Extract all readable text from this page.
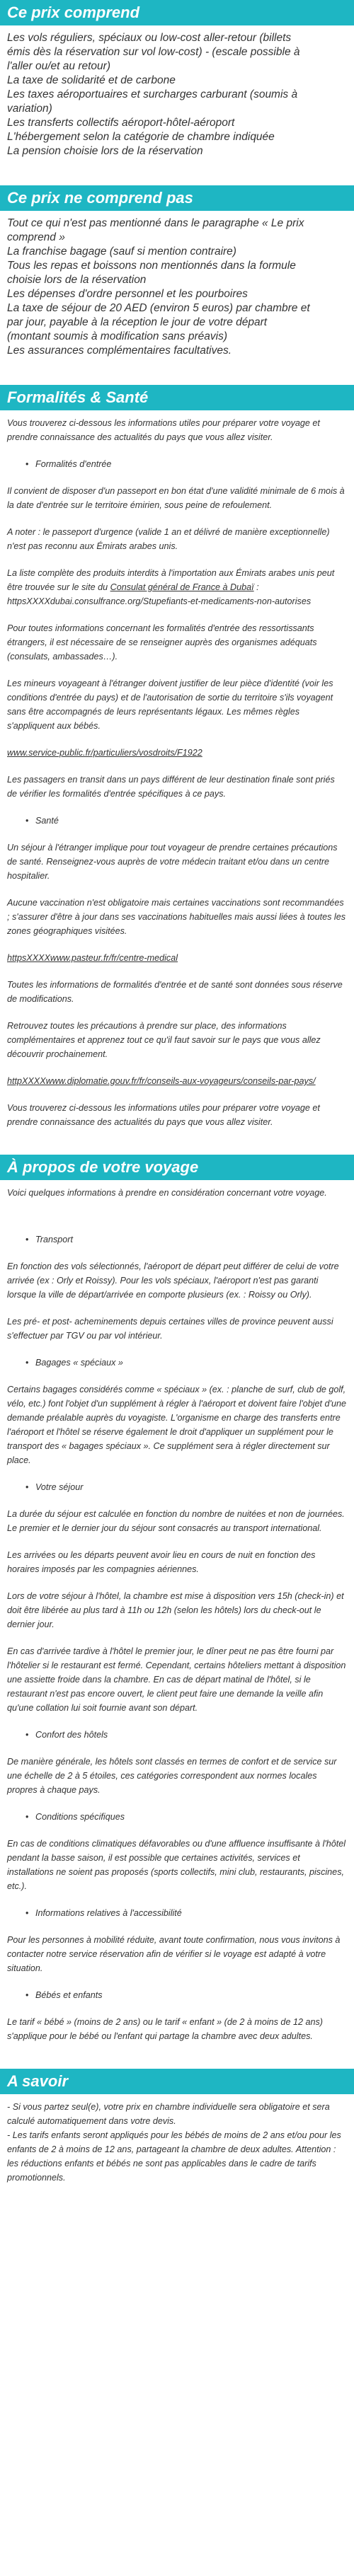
Ce prix comprend

Les vols réguliers, spéciaux ou low-cost aller-retour (billets

émis dès la réservation sur vol low-cost) - (escale possible à

l'aller ou/et au retour)

La taxe de solidarité et de carbone

Les taxes aéroportuaires et surcharges carburant (soumis à

variation)

Les transferts collectifs aéroport-hôtel-aéroport

L'hébergement selon la catégorie de chambre indiquée

La pension choisie lors de la réservation

Ce prix ne comprend pas

Tout ce qui n'est pas mentionné dans le paragraphe « Le prix

comprend »

La franchise bagage (sauf si mention contraire)

Tous les repas et boissons non mentionnés dans la formule

choisie lors de la réservation

Les dépenses d'ordre personnel et les pourboires

La taxe de séjour de 20 AED (environ 5 euros) par chambre et

par jour, payable à la réception le jour de votre départ

(montant soumis à modification sans préavis)

Les assurances complémentaires facultatives.

Formalités & Santé

Vous trouverez ci-dessous les informations utiles pour préparer votre voyage et prendre connaissance des actualités du pays que vous allez visiter.

• Formalités d'entrée

Il convient de disposer d'un passeport en bon état d'une validité minimale de 6 mois à la date d'entrée sur le territoire émirien, sous peine de refoulement.

A noter : le passeport d'urgence (valide 1 an et délivré de manière exceptionnelle) n'est pas reconnu aux Émirats arabes unis.

La liste complète des produits interdits à l'importation aux Émirats arabes unis peut être trouvée sur le site du Consulat général de France à Dubaï : httpsXXXXdubai.consulfrance.org/Stupefiants-et-medicaments-non-autorises

Pour toutes informations concernant les formalités d'entrée des ressortissants étrangers, il est nécessaire de se renseigner auprès des organismes adéquats (consulats, ambassades…).

Les mineurs voyageant à l'étranger doivent justifier de leur pièce d'identité (voir les conditions d'entrée du pays) et de l'autorisation de sortie du territoire s'ils voyagent sans être accompagnés de leurs représentants légaux. Les mêmes règles s'appliquent aux bébés.

www.service-public.fr/particuliers/vosdroits/F1922

Les passagers en transit dans un pays différent de leur destination finale sont priés de vérifier les formalités d'entrée spécifiques à ce pays.

• Santé

Un séjour à l'étranger implique pour tout voyageur de prendre certaines précautions de santé. Renseignez-vous auprès de votre médecin traitant et/ou dans un centre hospitalier.

Aucune vaccination n'est obligatoire mais certaines vaccinations sont recommandées ; s'assurer d'être à jour dans ses vaccinations habituelles mais aussi liées à toutes les zones géographiques visitées.

httpsXXXXwww.pasteur.fr/fr/centre-medical

Toutes les informations de formalités d'entrée et de santé sont données sous réserve de modifications.

Retrouvez toutes les précautions à prendre sur place, des informations complémentaires et apprenez tout ce qu'il faut savoir sur le pays que vous allez découvrir prochainement.

httpXXXXwww.diplomatie.gouv.fr/fr/conseils-aux-voyageurs/conseils-par-pays/

Vous trouverez ci-dessous les informations utiles pour préparer votre voyage et prendre connaissance des actualités du pays que vous allez visiter.

À propos de votre voyage

Voici quelques informations à prendre en considération concernant votre voyage.

• Transport

En fonction des vols sélectionnés, l'aéroport de départ peut différer de celui de votre arrivée (ex : Orly et Roissy). Pour les vols spéciaux, l'aéroport n'est pas garanti lorsque la ville de départ/arrivée en comporte plusieurs (ex. : Roissy ou Orly).

Les pré- et post- acheminements depuis certaines villes de province peuvent aussi s'effectuer par TGV ou par vol intérieur.

• Bagages « spéciaux »

Certains bagages considérés comme « spéciaux » (ex. : planche de surf, club de golf, vélo, etc.) font l'objet d'un supplément à régler à l'aéroport et doivent faire l'objet d'une demande préalable auprès du voyagiste. L'organisme en charge des transferts entre l'aéroport et l'hôtel se réserve également le droit d'appliquer un supplément pour le transport des « bagages spéciaux ». Ce supplément sera à régler directement sur place.

• Votre séjour

La durée du séjour est calculée en fonction du nombre de nuitées et non de journées. Le premier et le dernier jour du séjour sont consacrés au transport international.

Les arrivées ou les départs peuvent avoir lieu en cours de nuit en fonction des horaires imposés par les compagnies aériennes.

Lors de votre séjour à l'hôtel, la chambre est mise à disposition vers 15h (check-in) et doit être libérée au plus tard à 11h ou 12h (selon les hôtels) lors du check-out le dernier jour.

En cas d'arrivée tardive à l'hôtel le premier jour, le dîner peut ne pas être fourni par l'hôtelier si le restaurant est fermé. Cependant, certains hôteliers mettant à disposition une assiette froide dans la chambre. En cas de départ matinal de l'hôtel, si le restaurant n'est pas encore ouvert, le client peut faire une demande la veille afin qu'une collation lui soit fournie avant son départ.

• Confort des hôtels

De manière générale, les hôtels sont classés en termes de confort et de service sur une échelle de 2 à 5 étoiles, ces catégories correspondent aux normes locales propres à chaque pays.

• Conditions spécifiques

En cas de conditions climatiques défavorables ou d'une affluence insuffisante à l'hôtel pendant la basse saison, il est possible que certaines activités, services et installations ne soient pas proposés (sports collectifs, mini club, restaurants, piscines, etc.).

• Informations relatives à l'accessibilité

Pour les personnes à mobilité réduite, avant toute confirmation, nous vous invitons à contacter notre service réservation afin de vérifier si le voyage est adapté à votre situation.

• Bébés et enfants

Le tarif « bébé » (moins de 2 ans) ou le tarif « enfant » (de 2 à moins de 12 ans) s'applique pour le bébé ou l'enfant qui partage la chambre avec deux adultes.

A savoir

- Si vous partez seul(e), votre prix en chambre individuelle sera obligatoire et sera calculé automatiquement dans votre devis.

- Les tarifs enfants seront appliqués pour les bébés de moins de 2 ans et/ou pour les enfants de 2 à moins de 12 ans, partageant la chambre de deux adultes. Attention : les réductions enfants et bébés ne sont pas applicables dans le cadre de tarifs promotionnels.
